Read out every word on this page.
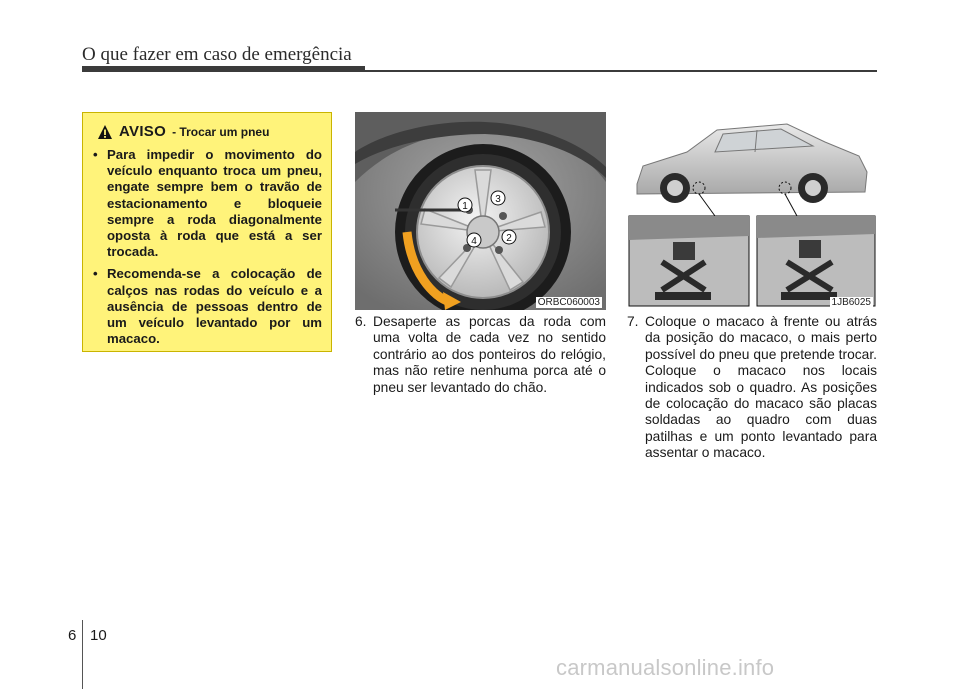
O que fazer em caso de emergência
AVISO - Trocar um pneu
• Para impedir o movimento do veículo enquanto troca um pneu, engate sempre bem o travão de estacionamento e bloqueie sempre a roda diagonalmente oposta à roda que está a ser trocada.
• Recomenda-se a colocação de calços nas rodas do veículo e a ausência de pessoas dentro de um veículo levantado por um macaco.
1
2
3
4
ORBC060003	1JB6025
6. Desaperte as porcas da roda com uma volta de cada vez no sentido contrário ao dos ponteiros do relógio, mas não retire nenhuma porca até o pneu ser levantado do chão.
7. Coloque o macaco à frente ou atrás da posição do macaco, o mais perto possível do pneu que pretende trocar. Coloque o macaco nos locais indicados sob o quadro. As posições de colocação do macaco são placas soldadas ao quadro com duas patilhas e um ponto levantado para assentar o macaco.
6 10
carmanualsonline.info
